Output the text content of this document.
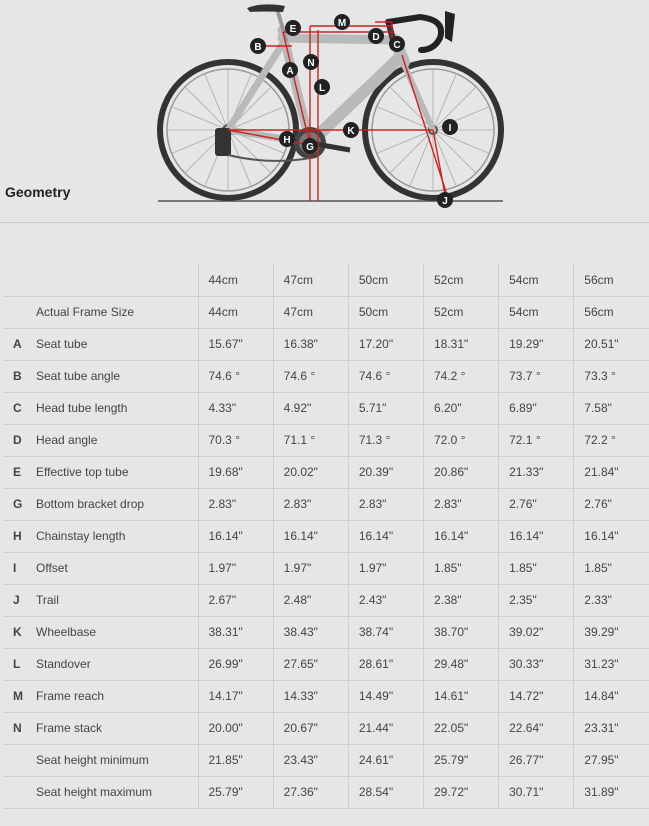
A
B	C
D
E
G
H
I
J
K
L
M
N
Geometry
		44cm	47cm	50cm	52cm	54cm	56cm
	Actual Frame Size	44cm	47cm	50cm	52cm	54cm	56cm
A	Seat tube	15.67"	16.38"	17.20"	18.31"	19.29"	20.51"
B	Seat tube angle	74.6 °	74.6 °	74.6 °	74.2 °	73.7 °	73.3 °
C	Head tube length	4.33"	4.92"	5.71"	6.20"	6.89"	7.58"
D	Head angle	70.3 °	71.1 °	71.3 °	72.0 °	72.1 °	72.2 °
E	Effective top tube	19.68"	20.02"	20.39"	20.86"	21.33"	21.84"
G	Bottom bracket drop	2.83"	2.83"	2.83"	2.83"	2.76"	2.76"
H	Chainstay length	16.14"	16.14"	16.14"	16.14"	16.14"	16.14"
I	Offset	1.97"	1.97"	1.97"	1.85"	1.85"	1.85"
J	Trail	2.67"	2.48"	2.43"	2.38"	2.35"	2.33"
K	Wheelbase	38.31"	38.43"	38.74"	38.70"	39.02"	39.29"
L	Standover	26.99"	27.65"	28.61"	29.48"	30.33"	31.23"
M	Frame reach	14.17"	14.33"	14.49"	14.61"	14.72"	14.84"
N	Frame stack	20.00"	20.67"	21.44"	22.05"	22.64"	23.31"
	Seat height minimum	21.85"	23.43"	24.61"	25.79"	26.77"	27.95"
	Seat height maximum	25.79"	27.36"	28.54"	29.72"	30.71"	31.89"
